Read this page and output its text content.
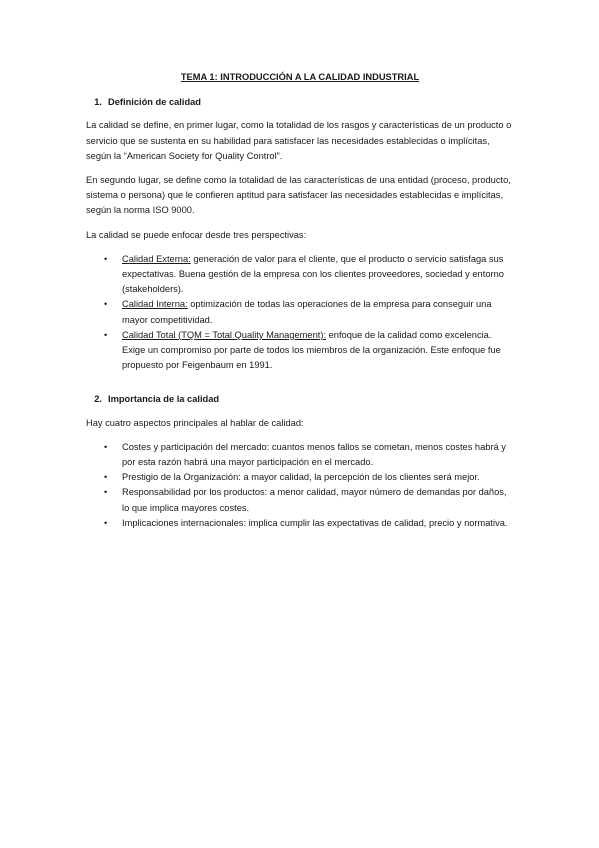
TEMA 1: INTRODUCCIÓN A LA CALIDAD INDUSTRIAL
1. Definición de calidad

La calidad se define, en primer lugar, como la totalidad de los rasgos y características de un producto o servicio que se sustenta en su habilidad para satisfacer las necesidades establecidas o implícitas, según la “American Society for Quality Control”.

En segundo lugar, se define como la totalidad de las características de una entidad (proceso, producto, sistema o persona) que le confieren aptitud para satisfacer las necesidades establecidas e implícitas, según la norma ISO 9000.

La calidad se puede enfocar desde tres perspectivas:

• Calidad Externa: generación de valor para el cliente, que el producto o servicio satisfaga sus expectativas. Buena gestión de la empresa con los clientes proveedores, sociedad y entorno (stakeholders).
• Calidad Interna: optimización de todas las operaciones de la empresa para conseguir una mayor competitividad.
• Calidad Total (TQM = Total Quality Management): enfoque de la calidad como excelencia. Exige un compromiso por parte de todos los miembros de la organización. Este enfoque fue propuesto por Feigenbaum en 1991.
2. Importancia de la calidad

Hay cuatro aspectos principales al hablar de calidad:

• Costes y participación del mercado: cuantos menos fallos se cometan, menos costes habrá y por esta razón habrá una mayor participación en el mercado.
• Prestigio de la Organización: a mayor calidad, la percepción de los clientes será mejor.
• Responsabilidad por los productos: a menor calidad, mayor número de demandas por daños, lo que implica mayores costes.
• Implicaciones internacionales: implica cumplir las expectativas de calidad, precio y normativa.
